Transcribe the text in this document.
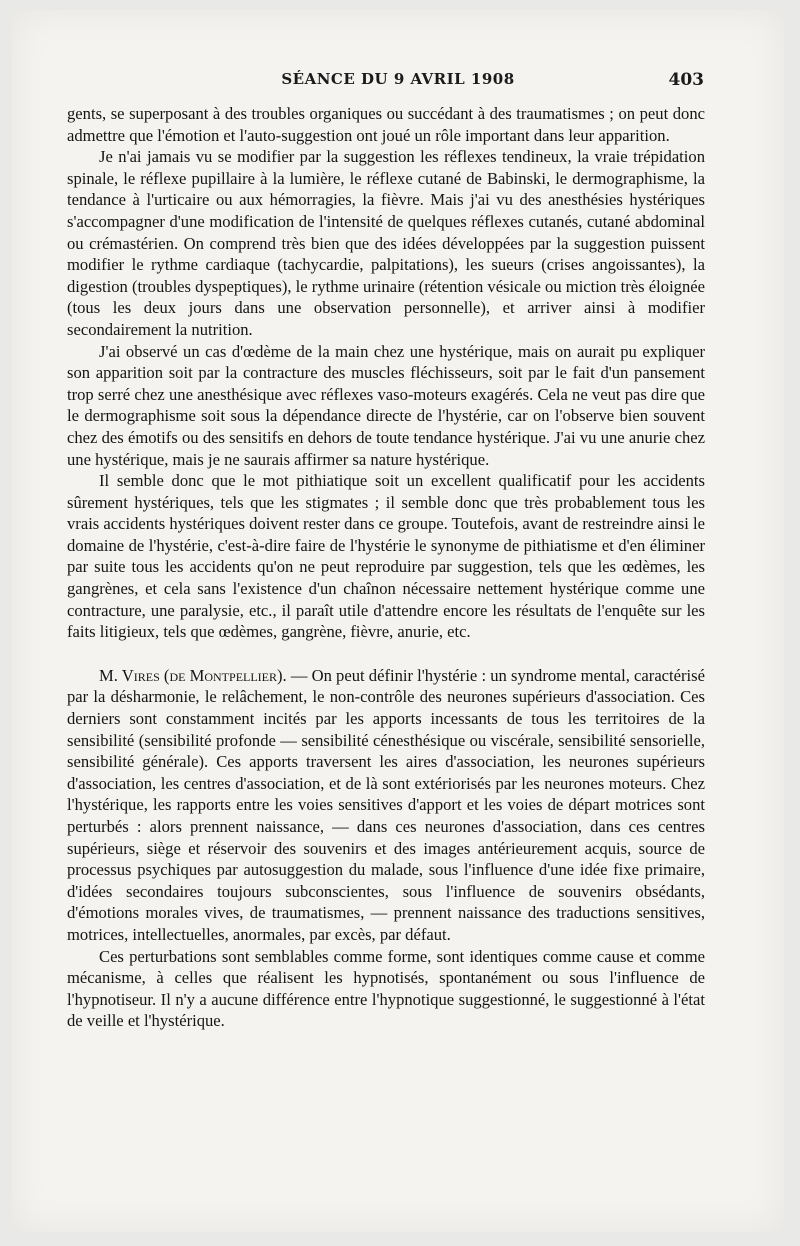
SÉANCE DU 9 AVRIL 1908	403

gents, se superposant à des troubles organiques ou succédant à des traumatismes ; on peut donc admettre que l'émotion et l'auto-suggestion ont joué un rôle important dans leur apparition.

Je n'ai jamais vu se modifier par la suggestion les réflexes tendineux, la vraie trépidation spinale, le réflexe pupillaire à la lumière, le réflexe cutané de Babinski, le dermographisme, la tendance à l'urticaire ou aux hémorragies, la fièvre. Mais j'ai vu des anesthésies hystériques s'accompagner d'une modification de l'intensité de quelques réflexes cutanés, cutané abdominal ou crémastérien. On comprend très bien que des idées développées par la suggestion puissent modifier le rythme cardiaque (tachycardie, palpitations), les sueurs (crises angoissantes), la digestion (troubles dyspeptiques), le rythme urinaire (rétention vésicale ou miction très éloignée (tous les deux jours dans une observation personnelle), et arriver ainsi à modifier secondairement la nutrition.

J'ai observé un cas d'œdème de la main chez une hystérique, mais on aurait pu expliquer son apparition soit par la contracture des muscles fléchisseurs, soit par le fait d'un pansement trop serré chez une anesthésique avec réflexes vaso-moteurs exagérés. Cela ne veut pas dire que le dermographisme soit sous la dépendance directe de l'hystérie, car on l'observe bien souvent chez des émotifs ou des sensitifs en dehors de toute tendance hystérique. J'ai vu une anurie chez une hystérique, mais je ne saurais affirmer sa nature hystérique.

Il semble donc que le mot pithiatique soit un excellent qualificatif pour les accidents sûrement hystériques, tels que les stigmates ; il semble donc que très probablement tous les vrais accidents hystériques doivent rester dans ce groupe. Toutefois, avant de restreindre ainsi le domaine de l'hystérie, c'est-à-dire faire de l'hystérie le synonyme de pithiatisme et d'en éliminer par suite tous les accidents qu'on ne peut reproduire par suggestion, tels que les œdèmes, les gangrènes, et cela sans l'existence d'un chaînon nécessaire nettement hystérique comme une contracture, une paralysie, etc., il paraît utile d'attendre encore les résultats de l'enquête sur les faits litigieux, tels que œdèmes, gangrène, fièvre, anurie, etc.

M. Vires (de Montpellier). — On peut définir l'hystérie : un syndrome mental, caractérisé par la désharmonie, le relâchement, le non-contrôle des neurones supérieurs d'association. Ces derniers sont constamment incités par les apports incessants de tous les territoires de la sensibilité (sensibilité profonde — sensibilité cénesthésique ou viscérale, sensibilité sensorielle, sensibilité générale). Ces apports traversent les aires d'association, les neurones supérieurs d'association, les centres d'association, et de là sont extériorisés par les neurones moteurs. Chez l'hystérique, les rapports entre les voies sensitives d'apport et les voies de départ motrices sont perturbés : alors prennent naissance, — dans ces neurones d'association, dans ces centres supérieurs, siège et réservoir des souvenirs et des images antérieurement acquis, source de processus psychiques par autosuggestion du malade, sous l'influence d'une idée fixe primaire, d'idées secondaires toujours subconscientes, sous l'influence de souvenirs obsédants, d'émotions morales vives, de traumatismes, — prennent naissance des traductions sensitives, motrices, intellectuelles, anormales, par excès, par défaut.

Ces perturbations sont semblables comme forme, sont identiques comme cause et comme mécanisme, à celles que réalisent les hypnotisés, spontanément ou sous l'influence de l'hypnotiseur. Il n'y a aucune différence entre l'hypnotique suggestionné, le suggestionné à l'état de veille et l'hystérique.
